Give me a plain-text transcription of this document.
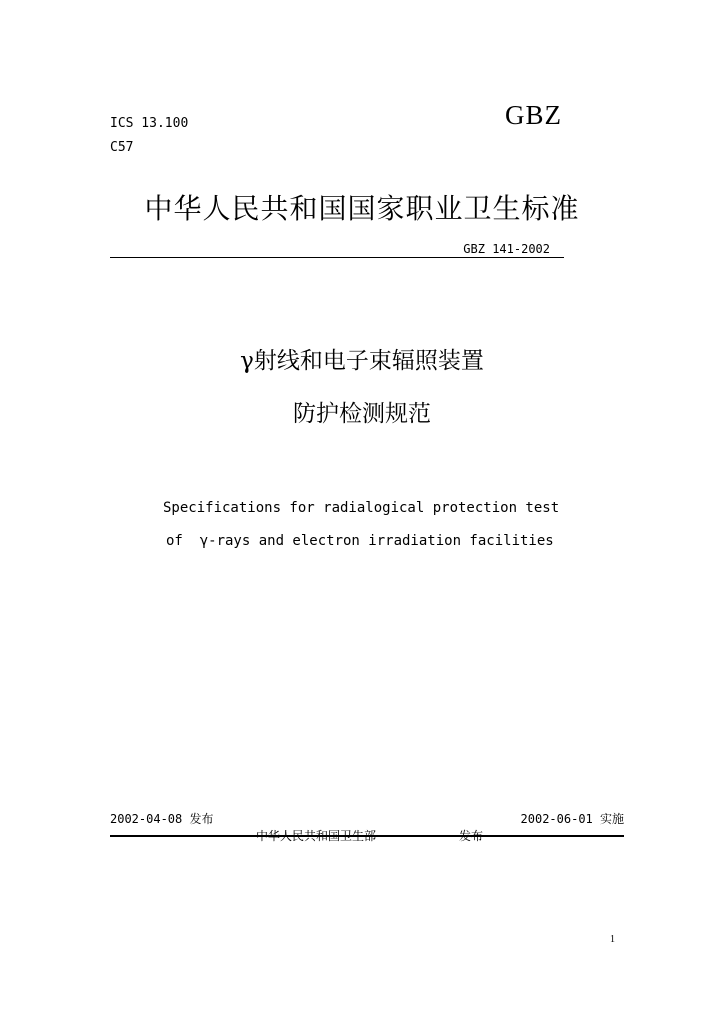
ICS 13.100
C57
GBZ
中华人民共和国国家职业卫生标准
GBZ 141-2002
γ射线和电子束辐照装置
防护检测规范
Specifications for radialogical protection test
of  γ-rays and electron irradiation facilities
2002-04-08 发布	2002-06-01 实施
中华人民共和国卫生部	发布
1
